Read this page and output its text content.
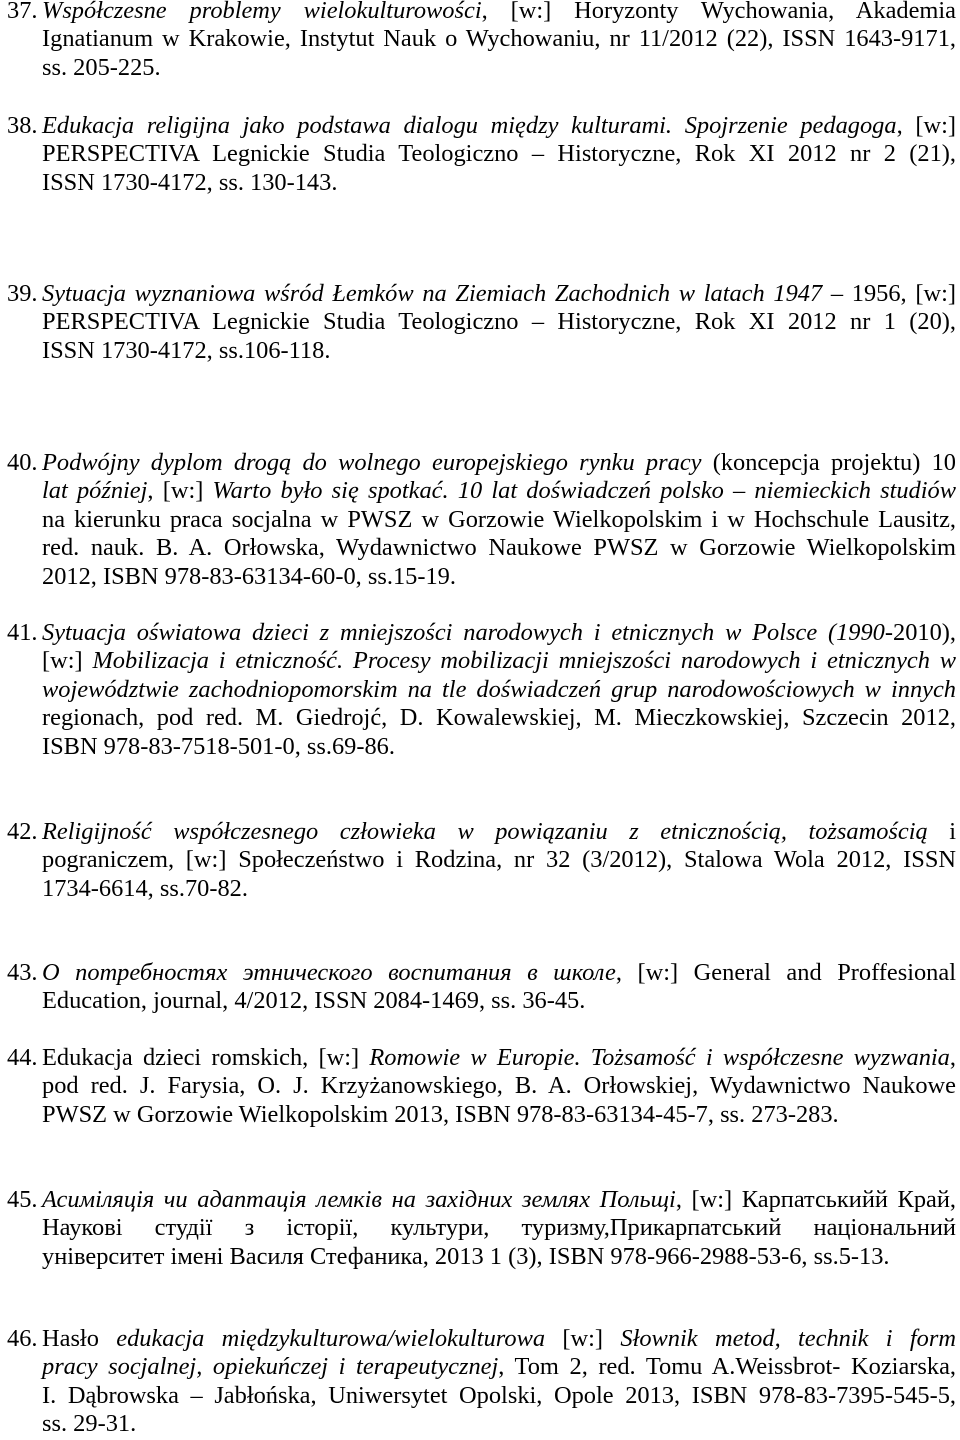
37. Współczesne problemy wielokulturowości, [w:] Horyzonty Wychowania, Akademia
Ignatianum w Krakowie, Instytut Nauk o Wychowaniu, nr 11/2012 (22), ISSN 1643-9171,
ss. 205-225.
38. Edukacja religijna jako podstawa dialogu między kulturami. Spojrzenie pedagoga, [w:]
PERSPECTIVA Legnickie Studia Teologiczno – Historyczne, Rok XI 2012 nr 2 (21),
ISSN 1730-4172, ss. 130-143.
39. Sytuacja wyznaniowa wśród Łemków na Ziemiach Zachodnich w latach 1947 – 1956, [w:]
PERSPECTIVA Legnickie Studia Teologiczno – Historyczne, Rok XI 2012 nr 1 (20),
ISSN 1730-4172, ss.106-118.
40. Podwójny dyplom drogą do wolnego europejskiego rynku pracy (koncepcja projektu) 10
lat później, [w:] Warto było się spotkać. 10 lat doświadczeń polsko – niemieckich studiów
na kierunku praca socjalna w PWSZ w Gorzowie Wielkopolskim i w Hochschule Lausitz,
red. nauk. B. A. Orłowska, Wydawnictwo Naukowe PWSZ w Gorzowie Wielkopolskim
2012, ISBN 978-83-63134-60-0, ss.15-19.
41. Sytuacja oświatowa dzieci z mniejszości narodowych i etnicznych w Polsce (1990-2010),
[w:] Mobilizacja i etniczność. Procesy mobilizacji mniejszości narodowych i etnicznych w
województwie zachodniopomorskim na tle doświadczeń grup narodowościowych w innych
regionach, pod red. M. Giedrojć, D. Kowalewskiej, M. Mieczkowskiej, Szczecin 2012,
ISBN 978-83-7518-501-0, ss.69-86.
42. Religijność współczesnego człowieka w powiązaniu z etnicznością, tożsamością i
pograniczem, [w:] Społeczeństwo i Rodzina, nr 32 (3/2012), Stalowa Wola 2012, ISSN
1734-6614, ss.70-82.
43. О потребностях этнического воспитания в школе, [w:] General and Proffesional
Education, journal, 4/2012, ISSN 2084-1469, ss. 36-45.
44. Edukacja dzieci romskich, [w:] Romowie w Europie. Tożsamość i współczesne wyzwania,
pod red. J. Farysia, O. J. Krzyżanowskiego, B. A. Orłowskiej, Wydawnictwo Naukowe
PWSZ w Gorzowie Wielkopolskim 2013, ISBN 978-83-63134-45-7, ss. 273-283.
45. Асиміляція чи адаптація лемків на західних землях Польщі, [w:] Карпатськийй Край,
Наукові студії з історії, культури, туризму,Прикарпатський національний
університет імені Василя Стефаника, 2013 1 (3), ISBN 978-966-2988-53-6, ss.5-13.
46. Hasło edukacja międzykulturowa/wielokulturowa [w:] Słownik metod, technik i form
pracy socjalnej, opiekuńczej i terapeutycznej, Tom 2, red. Tomu A.Weissbrot- Koziarska,
I. Dąbrowska – Jabłońska, Uniwersytet Opolski, Opole 2013, ISBN 978-83-7395-545-5,
ss. 29-31.
